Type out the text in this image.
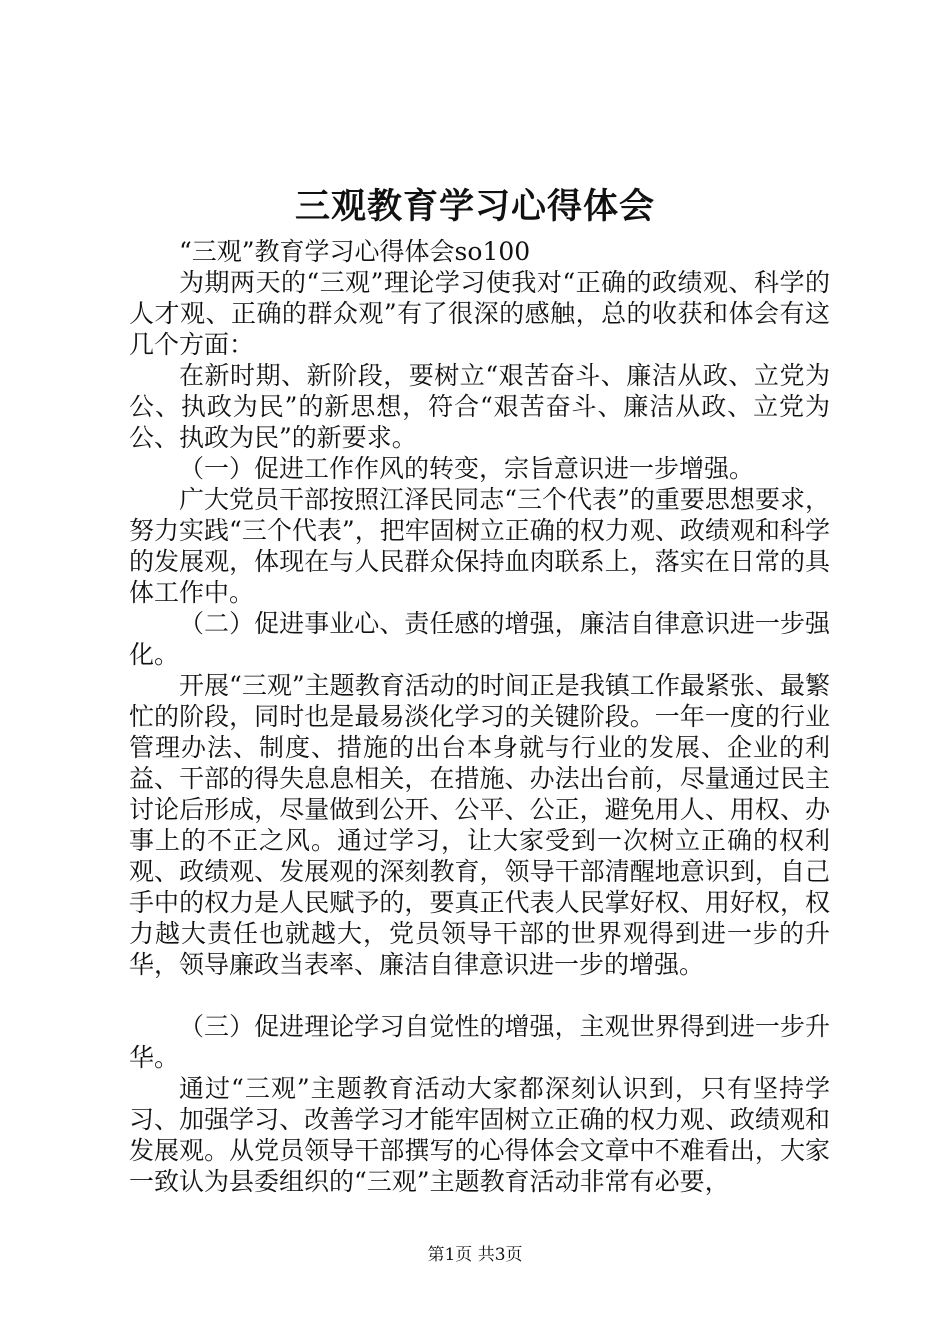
三观教育学习心得体会

“三观”教育学习心得体会so100

为期两天的“三观”理论学习使我对“正确的政绩观、科学的人才观、正确的群众观”有了很深的感触，总的收获和体会有这几个方面：

在新时期、新阶段，要树立“艰苦奋斗、廉洁从政、立党为公、执政为民”的新思想，符合“艰苦奋斗、廉洁从政、立党为公、执政为民”的新要求。

（一）促进工作作风的转变，宗旨意识进一步增强。

广大党员干部按照江泽民同志“三个代表”的重要思想要求，努力实践“三个代表”，把牢固树立正确的权力观、政绩观和科学的发展观，体现在与人民群众保持血肉联系上，落实在日常的具体工作中。

（二）促进事业心、责任感的增强，廉洁自律意识进一步强化。

开展“三观”主题教育活动的时间正是我镇工作最紧张、最繁忙的阶段，同时也是最易淡化学习的关键阶段。一年一度的行业管理办法、制度、措施的出台本身就与行业的发展、企业的利益、干部的得失息息相关，在措施、办法出台前，尽量通过民主讨论后形成，尽量做到公开、公平、公正，避免用人、用权、办事上的不正之风。通过学习，让大家受到一次树立正确的权利观、政绩观、发展观的深刻教育，领导干部清醒地意识到，自己手中的权力是人民赋予的，要真正代表人民掌好权、用好权，权力越大责任也就越大，党员领导干部的世界观得到进一步的升华，领导廉政当表率、廉洁自律意识进一步的增强。

（三）促进理论学习自觉性的增强，主观世界得到进一步升华。

通过“三观”主题教育活动大家都深刻认识到，只有坚持学习、加强学习、改善学习才能牢固树立正确的权力观、政绩观和发展观。从党员领导干部撰写的心得体会文章中不难看出，大家一致认为县委组织的“三观”主题教育活动非常有必要，

第1页 共3页
